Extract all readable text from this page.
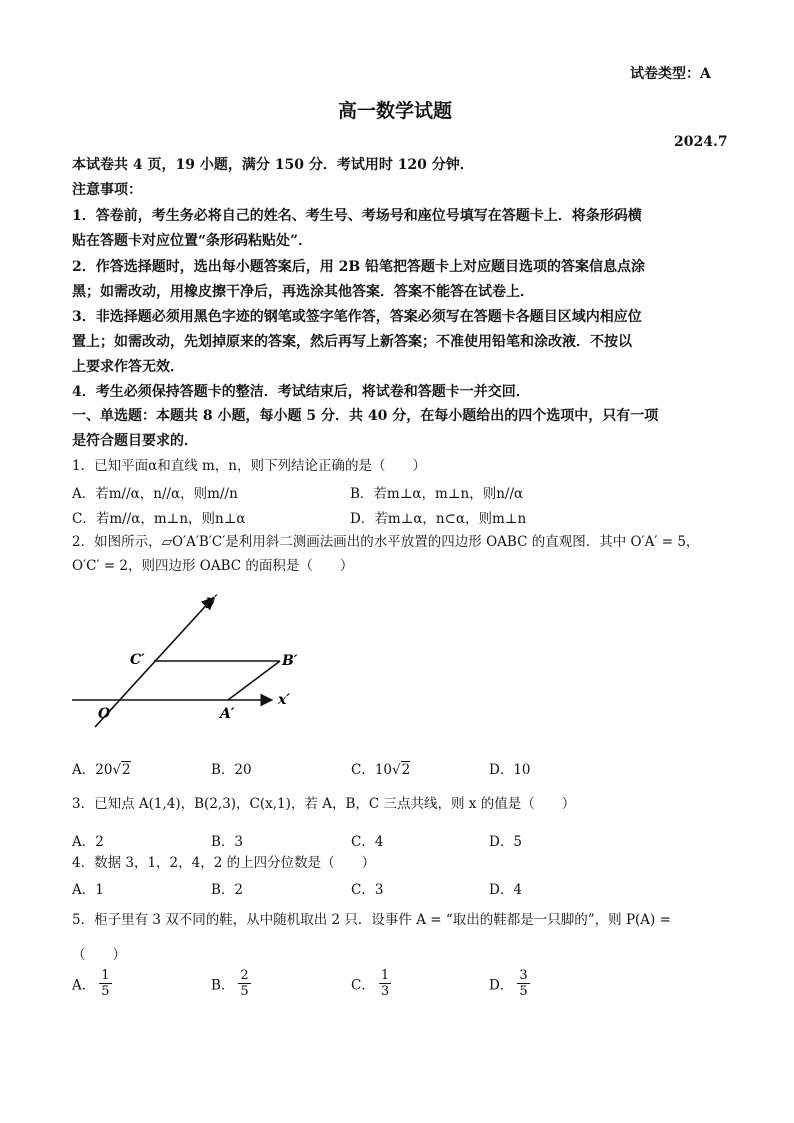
试卷类型：A
高一数学试题
2024.7
本试卷共 4 页，19 小题，满分 150 分．考试用时 120 分钟．
注意事项：
1．答卷前，考生务必将自己的姓名、考生号、考场号和座位号填写在答题卡上．将条形码横
贴在答题卡对应位置“条形码粘贴处”．
2．作答选择题时，选出每小题答案后，用 2B 铅笔把答题卡上对应题目选项的答案信息点涂
黑；如需改动，用橡皮擦干净后，再选涂其他答案．答案不能答在试卷上．
3．非选择题必须用黑色字迹的钢笔或签字笔作答，答案必须写在答题卡各题目区域内相应位
置上；如需改动，先划掉原来的答案，然后再写上新答案；不准使用铅笔和涂改液．不按以
上要求作答无效．
4．考生必须保持答题卡的整洁．考试结束后，将试卷和答题卡一并交回．
一、单选题：本题共 8 小题，每小题 5 分．共 40 分，在每小题给出的四个选项中，只有一项
是符合题目要求的．
1．已知平面α和直线 m，n，则下列结论正确的是（　　）
A．若m//α，n//α，则m//n	B．若m⊥α，m⊥n，则n//α
C．若m//α，m⊥n，则n⊥α	D．若m⊥α，n⊂α，则m⊥n
2．如图所示，▱O′A′B′C′是利用斜二测画法画出的水平放置的四边形 OABC 的直观图．其中 O′A′ = 5，
O′C′ = 2，则四边形 OABC 的面积是（　　）
y′
x′
O′	A′
B′
C′
A．20√2	B．20	C．10√2	D．10
3．已知点 A(1,4)，B(2,3)，C(x,1)，若 A，B，C 三点共线，则 x 的值是（　　）
A．2	B．3	C．4	D．5
4．数据 3，1，2，4，2 的上四分位数是（　　）
A．1	B．2	C．3	D．4
5．柜子里有 3 双不同的鞋，从中随机取出 2 只．设事件 A = “取出的鞋都是一只脚的”，则 P(A) =
（　　）
A． $\frac{1}{5}$	B． $\frac{2}{5}$	C． $\frac{1}{3}$	D． $\frac{3}{5}$
